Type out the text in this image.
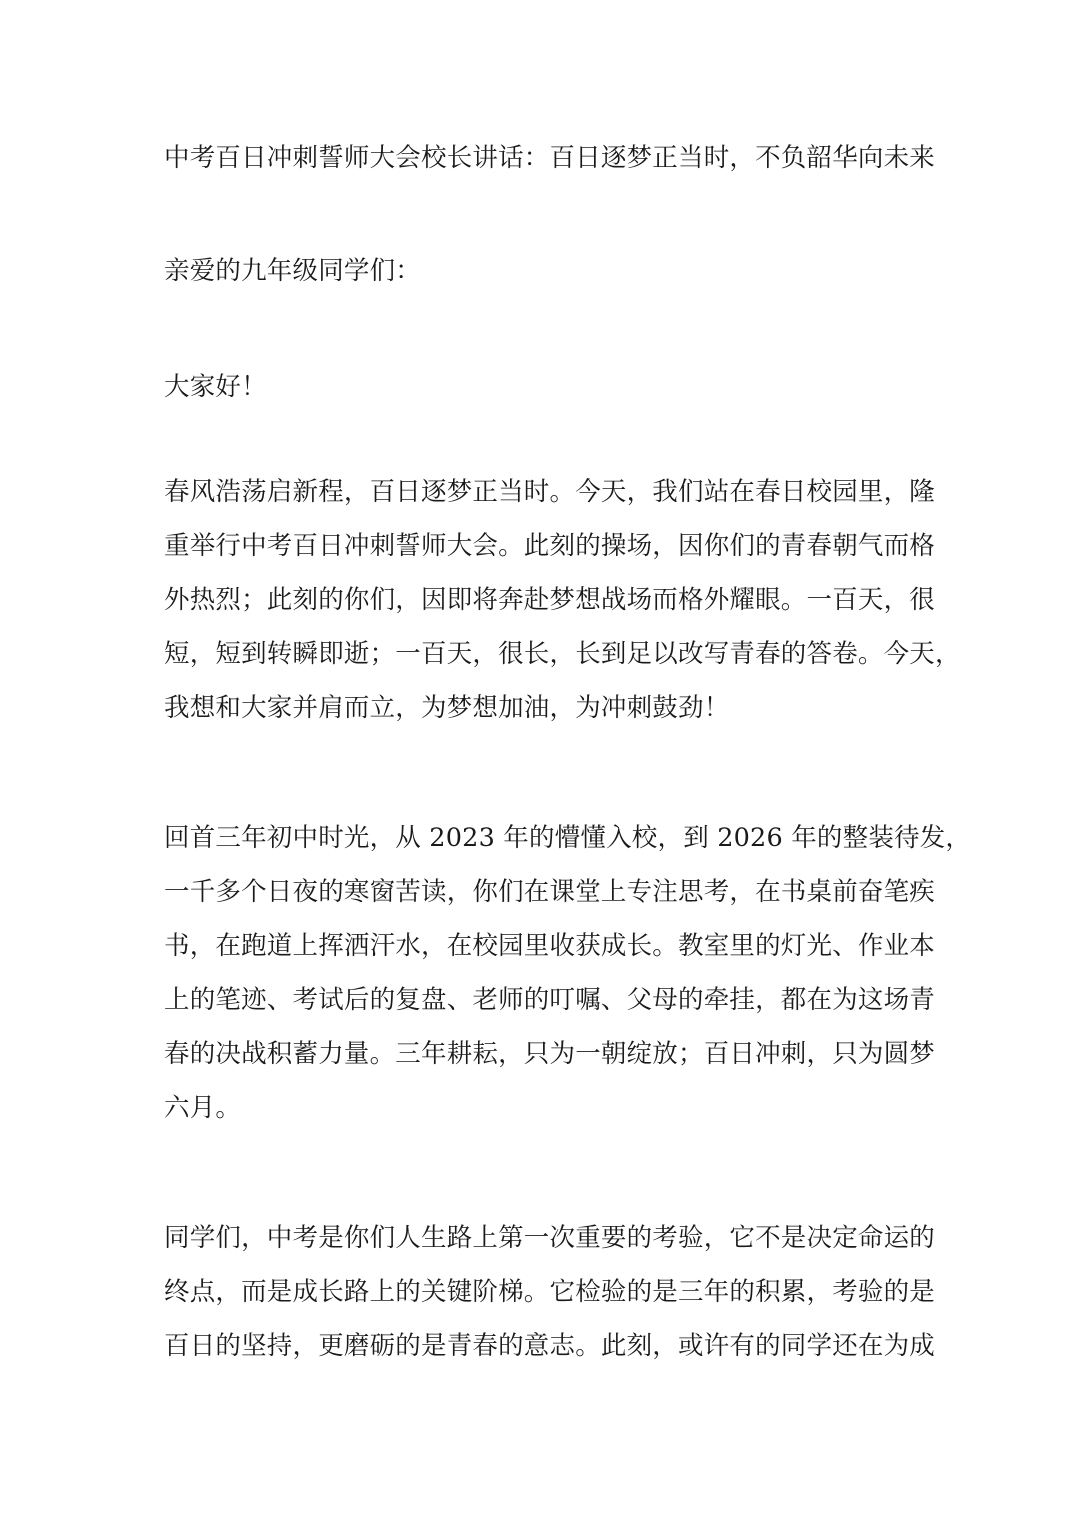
中考百日冲刺誓师大会校长讲话：百日逐梦正当时，不负韶华向未来

亲爱的九年级同学们：

大家好！

春风浩荡启新程，百日逐梦正当时。今天，我们站在春日校园里，隆
重举行中考百日冲刺誓师大会。此刻的操场，因你们的青春朝气而格
外热烈；此刻的你们，因即将奔赴梦想战场而格外耀眼。一百天，很
短，短到转瞬即逝；一百天，很长，长到足以改写青春的答卷。今天，
我想和大家并肩而立，为梦想加油，为冲刺鼓劲！

回首三年初中时光，从 2023 年的懵懂入校，到 2026 年的整装待发，
一千多个日夜的寒窗苦读，你们在课堂上专注思考，在书桌前奋笔疾
书，在跑道上挥洒汗水，在校园里收获成长。教室里的灯光、作业本
上的笔迹、考试后的复盘、老师的叮嘱、父母的牵挂，都在为这场青
春的决战积蓄力量。三年耕耘，只为一朝绽放；百日冲刺，只为圆梦
六月。

同学们，中考是你们人生路上第一次重要的考验，它不是决定命运的
终点，而是成长路上的关键阶梯。它检验的是三年的积累，考验的是
百日的坚持，更磨砺的是青春的意志。此刻，或许有的同学还在为成
